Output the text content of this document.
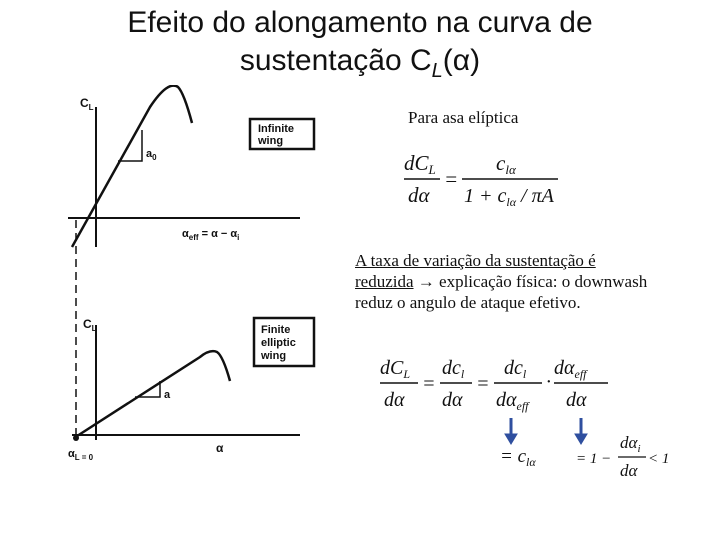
Efeito do alongamento na curva de
sustentação $C_L(\alpha)$
$C_L$
$a_0$
Infinite
wing
$\alpha_{eff} = \alpha - \alpha_i$
$C_L$
a
Finite
elliptic
wing
α
$\alpha_{L = 0}$
Para asa elíptica
dCL
dα
=
clα
$1 + c_{l\alpha} / \pi A$
A taxa de variação da sustentação é reduzida → explicação física: o downwash reduz o angulo de ataque efetivo.
$dC_L$
dα
=
$dc_l$
dα
=
$dc_l$
$d\alpha_{eff}$
·
$d\alpha_{eff}$
dα
= $c_{l\alpha}$	= 1 −
$d\alpha_i$
dα
< 1
